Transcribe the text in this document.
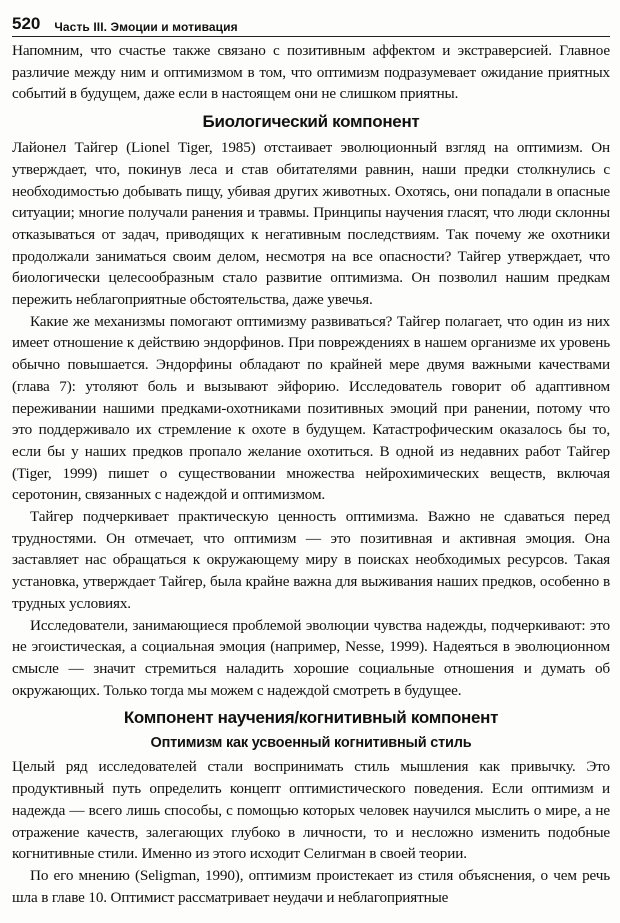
520 Часть III. Эмоции и мотивация

Напомним, что счастье также связано с позитивным аффектом и экстраверсией. Главное различие между ним и оптимизмом в том, что оптимизм подразумевает ожидание приятных событий в будущем, даже если в настоящем они не слишком приятны.

Биологический компонент

Лайонел Тайгер (Lionel Tiger, 1985) отстаивает эволюционный взгляд на оптимизм. Он утверждает, что, покинув леса и став обитателями равнин, наши предки столкнулись с необходимостью добывать пищу, убивая других животных. Охотясь, они попадали в опасные ситуации; многие получали ранения и травмы. Принципы научения гласят, что люди склонны отказываться от задач, приводящих к негативным последствиям. Так почему же охотники продолжали заниматься своим делом, несмотря на все опасности? Тайгер утверждает, что биологически целесообразным стало развитие оптимизма. Он позволил нашим предкам пережить неблагоприятные обстоятельства, даже увечья.

Какие же механизмы помогают оптимизму развиваться? Тайгер полагает, что один из них имеет отношение к действию эндорфинов. При повреждениях в нашем организме их уровень обычно повышается. Эндорфины обладают по крайней мере двумя важными качествами (глава 7): утоляют боль и вызывают эйфорию. Исследователь говорит об адаптивном переживании нашими предками-охотниками позитивных эмоций при ранении, потому что это поддерживало их стремление к охоте в будущем. Катастрофическим оказалось бы то, если бы у наших предков пропало желание охотиться. В одной из недавних работ Тайгер (Tiger, 1999) пишет о существовании множества нейрохимических веществ, включая серотонин, связанных с надеждой и оптимизмом.

Тайгер подчеркивает практическую ценность оптимизма. Важно не сдаваться перед трудностями. Он отмечает, что оптимизм — это позитивная и активная эмоция. Она заставляет нас обращаться к окружающему миру в поисках необходимых ресурсов. Такая установка, утверждает Тайгер, была крайне важна для выживания наших предков, особенно в трудных условиях.

Исследователи, занимающиеся проблемой эволюции чувства надежды, подчеркивают: это не эгоистическая, а социальная эмоция (например, Nesse, 1999). Надеяться в эволюционном смысле — значит стремиться наладить хорошие социальные отношения и думать об окружающих. Только тогда мы можем с надеждой смотреть в будущее.

Компонент научения/когнитивный компонент
Оптимизм как усвоенный когнитивный стиль

Целый ряд исследователей стали воспринимать стиль мышления как привычку. Это продуктивный путь определить концепт оптимистического поведения. Если оптимизм и надежда — всего лишь способы, с помощью которых человек научился мыслить о мире, а не отражение качеств, залегающих глубоко в личности, то и несложно изменить подобные когнитивные стили. Именно из этого исходит Селигман в своей теории.

По его мнению (Seligman, 1990), оптимизм проистекает из стиля объяснения, о чем речь шла в главе 10. Оптимист рассматривает неудачи и неблагоприятные
